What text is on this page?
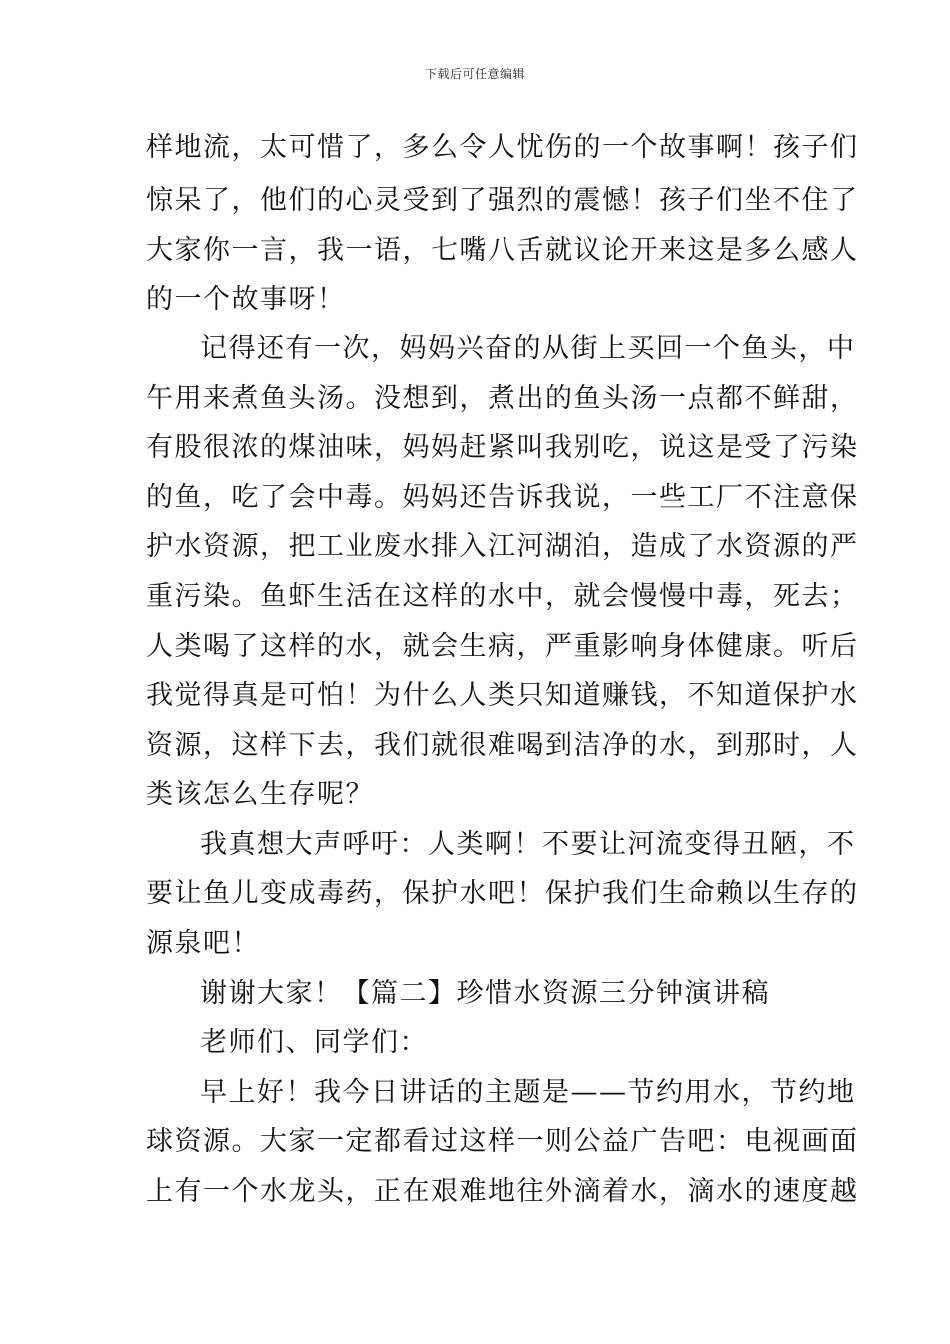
下载后可任意编辑
样地流，太可惜了，多么令人忧伤的一个故事啊！孩子们
惊呆了，他们的心灵受到了强烈的震憾！孩子们坐不住了
大家你一言，我一语，七嘴八舌就议论开来这是多么感人
的一个故事呀！
记得还有一次，妈妈兴奋的从街上买回一个鱼头，中
午用来煮鱼头汤。没想到，煮出的鱼头汤一点都不鲜甜，
有股很浓的煤油味，妈妈赶紧叫我别吃，说这是受了污染
的鱼，吃了会中毒。妈妈还告诉我说，一些工厂不注意保
护水资源，把工业废水排入江河湖泊，造成了水资源的严
重污染。鱼虾生活在这样的水中，就会慢慢中毒，死去；
人类喝了这样的水，就会生病，严重影响身体健康。听后
我觉得真是可怕！为什么人类只知道赚钱，不知道保护水
资源，这样下去，我们就很难喝到洁净的水，到那时，人
类该怎么生存呢？
我真想大声呼吁：人类啊！不要让河流变得丑陋，不
要让鱼儿变成毒药，保护水吧！保护我们生命赖以生存的
源泉吧！
谢谢大家！【篇二】珍惜水资源三分钟演讲稿
老师们、同学们：
早上好！我今日讲话的主题是——节约用水，节约地
球资源。大家一定都看过这样一则公益广告吧：电视画面
上有一个水龙头，正在艰难地往外滴着水，滴水的速度越
